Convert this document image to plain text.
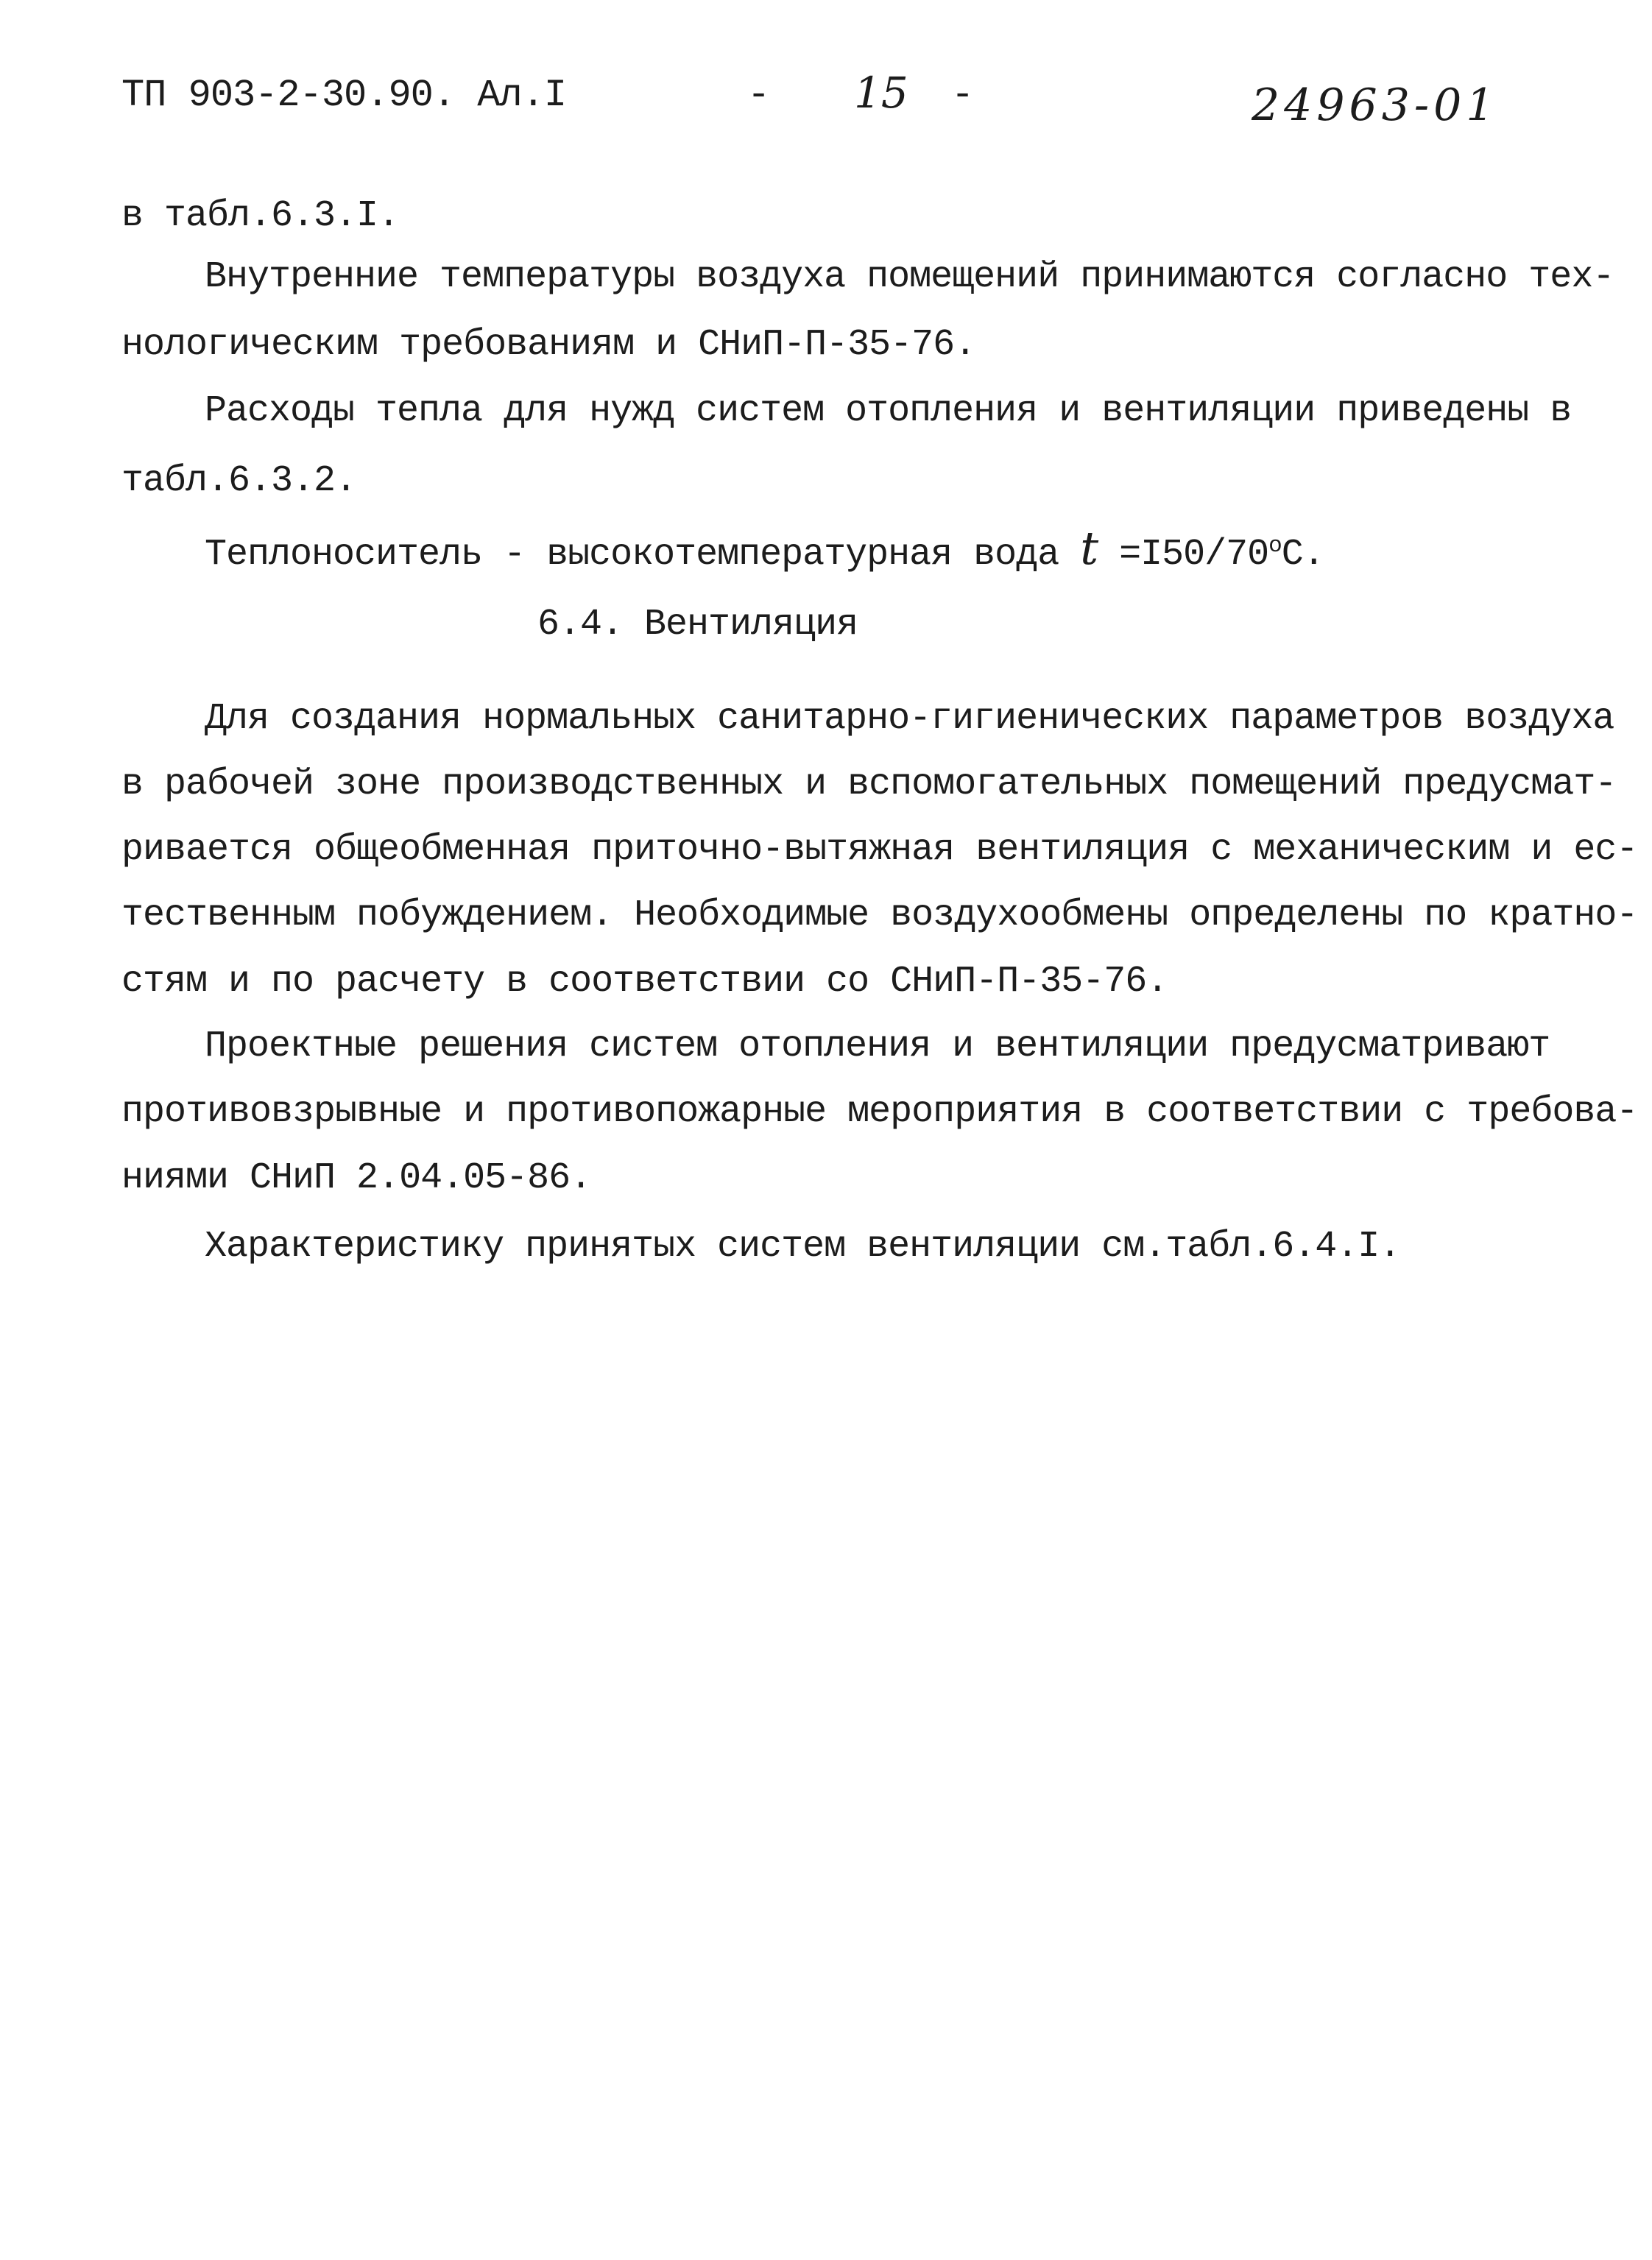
ТП 903-2-30.90. Ал.I	- 15 -	24963-01
в табл.6.3.I.
Внутренние температуры воздуха помещений принимаются согласно тех-
нологическим требованиям и СНиП-П-35-76.
Расходы тепла для нужд систем отопления и вентиляции приведены в
табл.6.3.2.
Теплоноситель - высокотемпературная вода $t =I50/70^oC$.
6.4. Вентиляция
Для создания нормальных санитарно-гигиенических параметров воздуха
в рабочей зоне производственных и вспомогательных помещений предусмат-
ривается общеобменная приточно-вытяжная вентиляция с механическим и ес-
тественным побуждением. Необходимые воздухообмены определены по кратно-
стям и по расчету в соответствии со СНиП-П-35-76.
Проектные решения систем отопления и вентиляции предусматривают
противовзрывные и противопожарные мероприятия в соответствии с требова-
ниями СНиП 2.04.05-86.
Характеристику принятых систем вентиляции см.табл.6.4.I.
